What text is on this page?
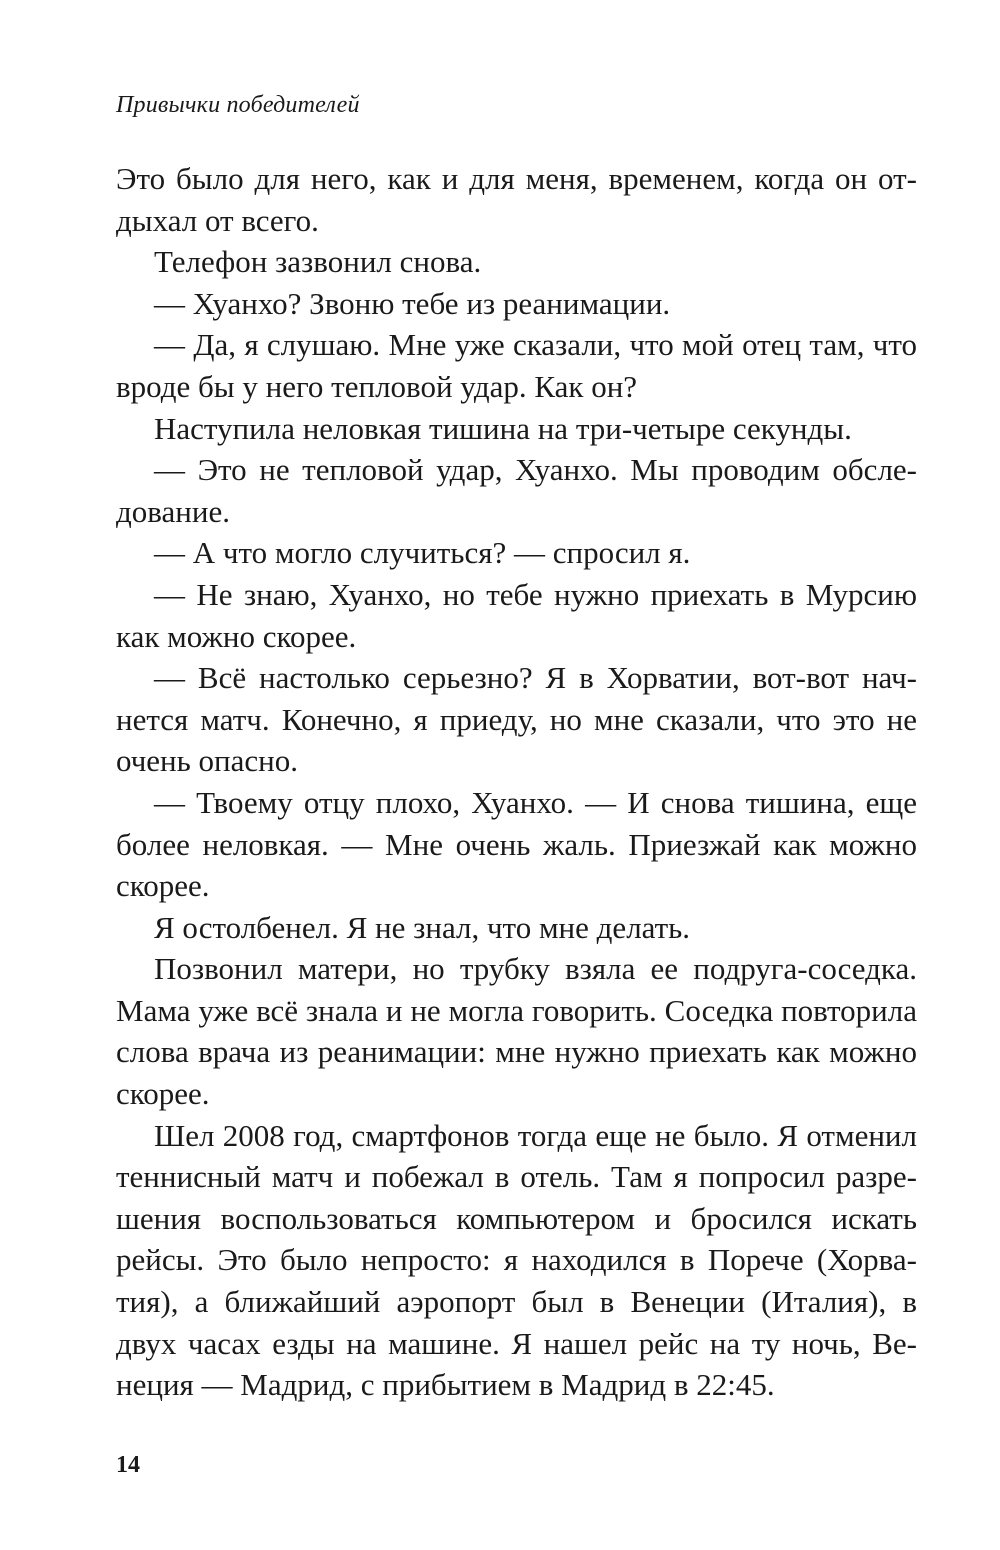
Привычки победителей

Это было для него, как и для меня, временем, когда он отдыхал от всего.

Телефон зазвонил снова.

— Хуанхо? Звоню тебе из реанимации.

— Да, я слушаю. Мне уже сказали, что мой отец там, что вроде бы у него тепловой удар. Как он?

Наступила неловкая тишина на три-четыре секунды.

— Это не тепловой удар, Хуанхо. Мы проводим обследование.

— А что могло случиться? — спросил я.

— Не знаю, Хуанхо, но тебе нужно приехать в Мурсию как можно скорее.

— Всё настолько серьезно? Я в Хорватии, вот-вот начнется матч. Конечно, я приеду, но мне сказали, что это не очень опасно.

— Твоему отцу плохо, Хуанхо. — И снова тишина, еще более неловкая. — Мне очень жаль. Приезжай как можно скорее.

Я остолбенел. Я не знал, что мне делать.

Позвонил матери, но трубку взяла ее подруга-соседка. Мама уже всё знала и не могла говорить. Соседка повторила слова врача из реанимации: мне нужно приехать как можно скорее.

Шел 2008 год, смартфонов тогда еще не было. Я отменил теннисный матч и побежал в отель. Там я попросил разрешения воспользоваться компьютером и бросился искать рейсы. Это было непросто: я находился в Порече (Хорватия), а ближайший аэропорт был в Венеции (Италия), в двух часах езды на машине. Я нашел рейс на ту ночь, Венеция — Мадрид, с прибытием в Мадрид в 22:45.

14
